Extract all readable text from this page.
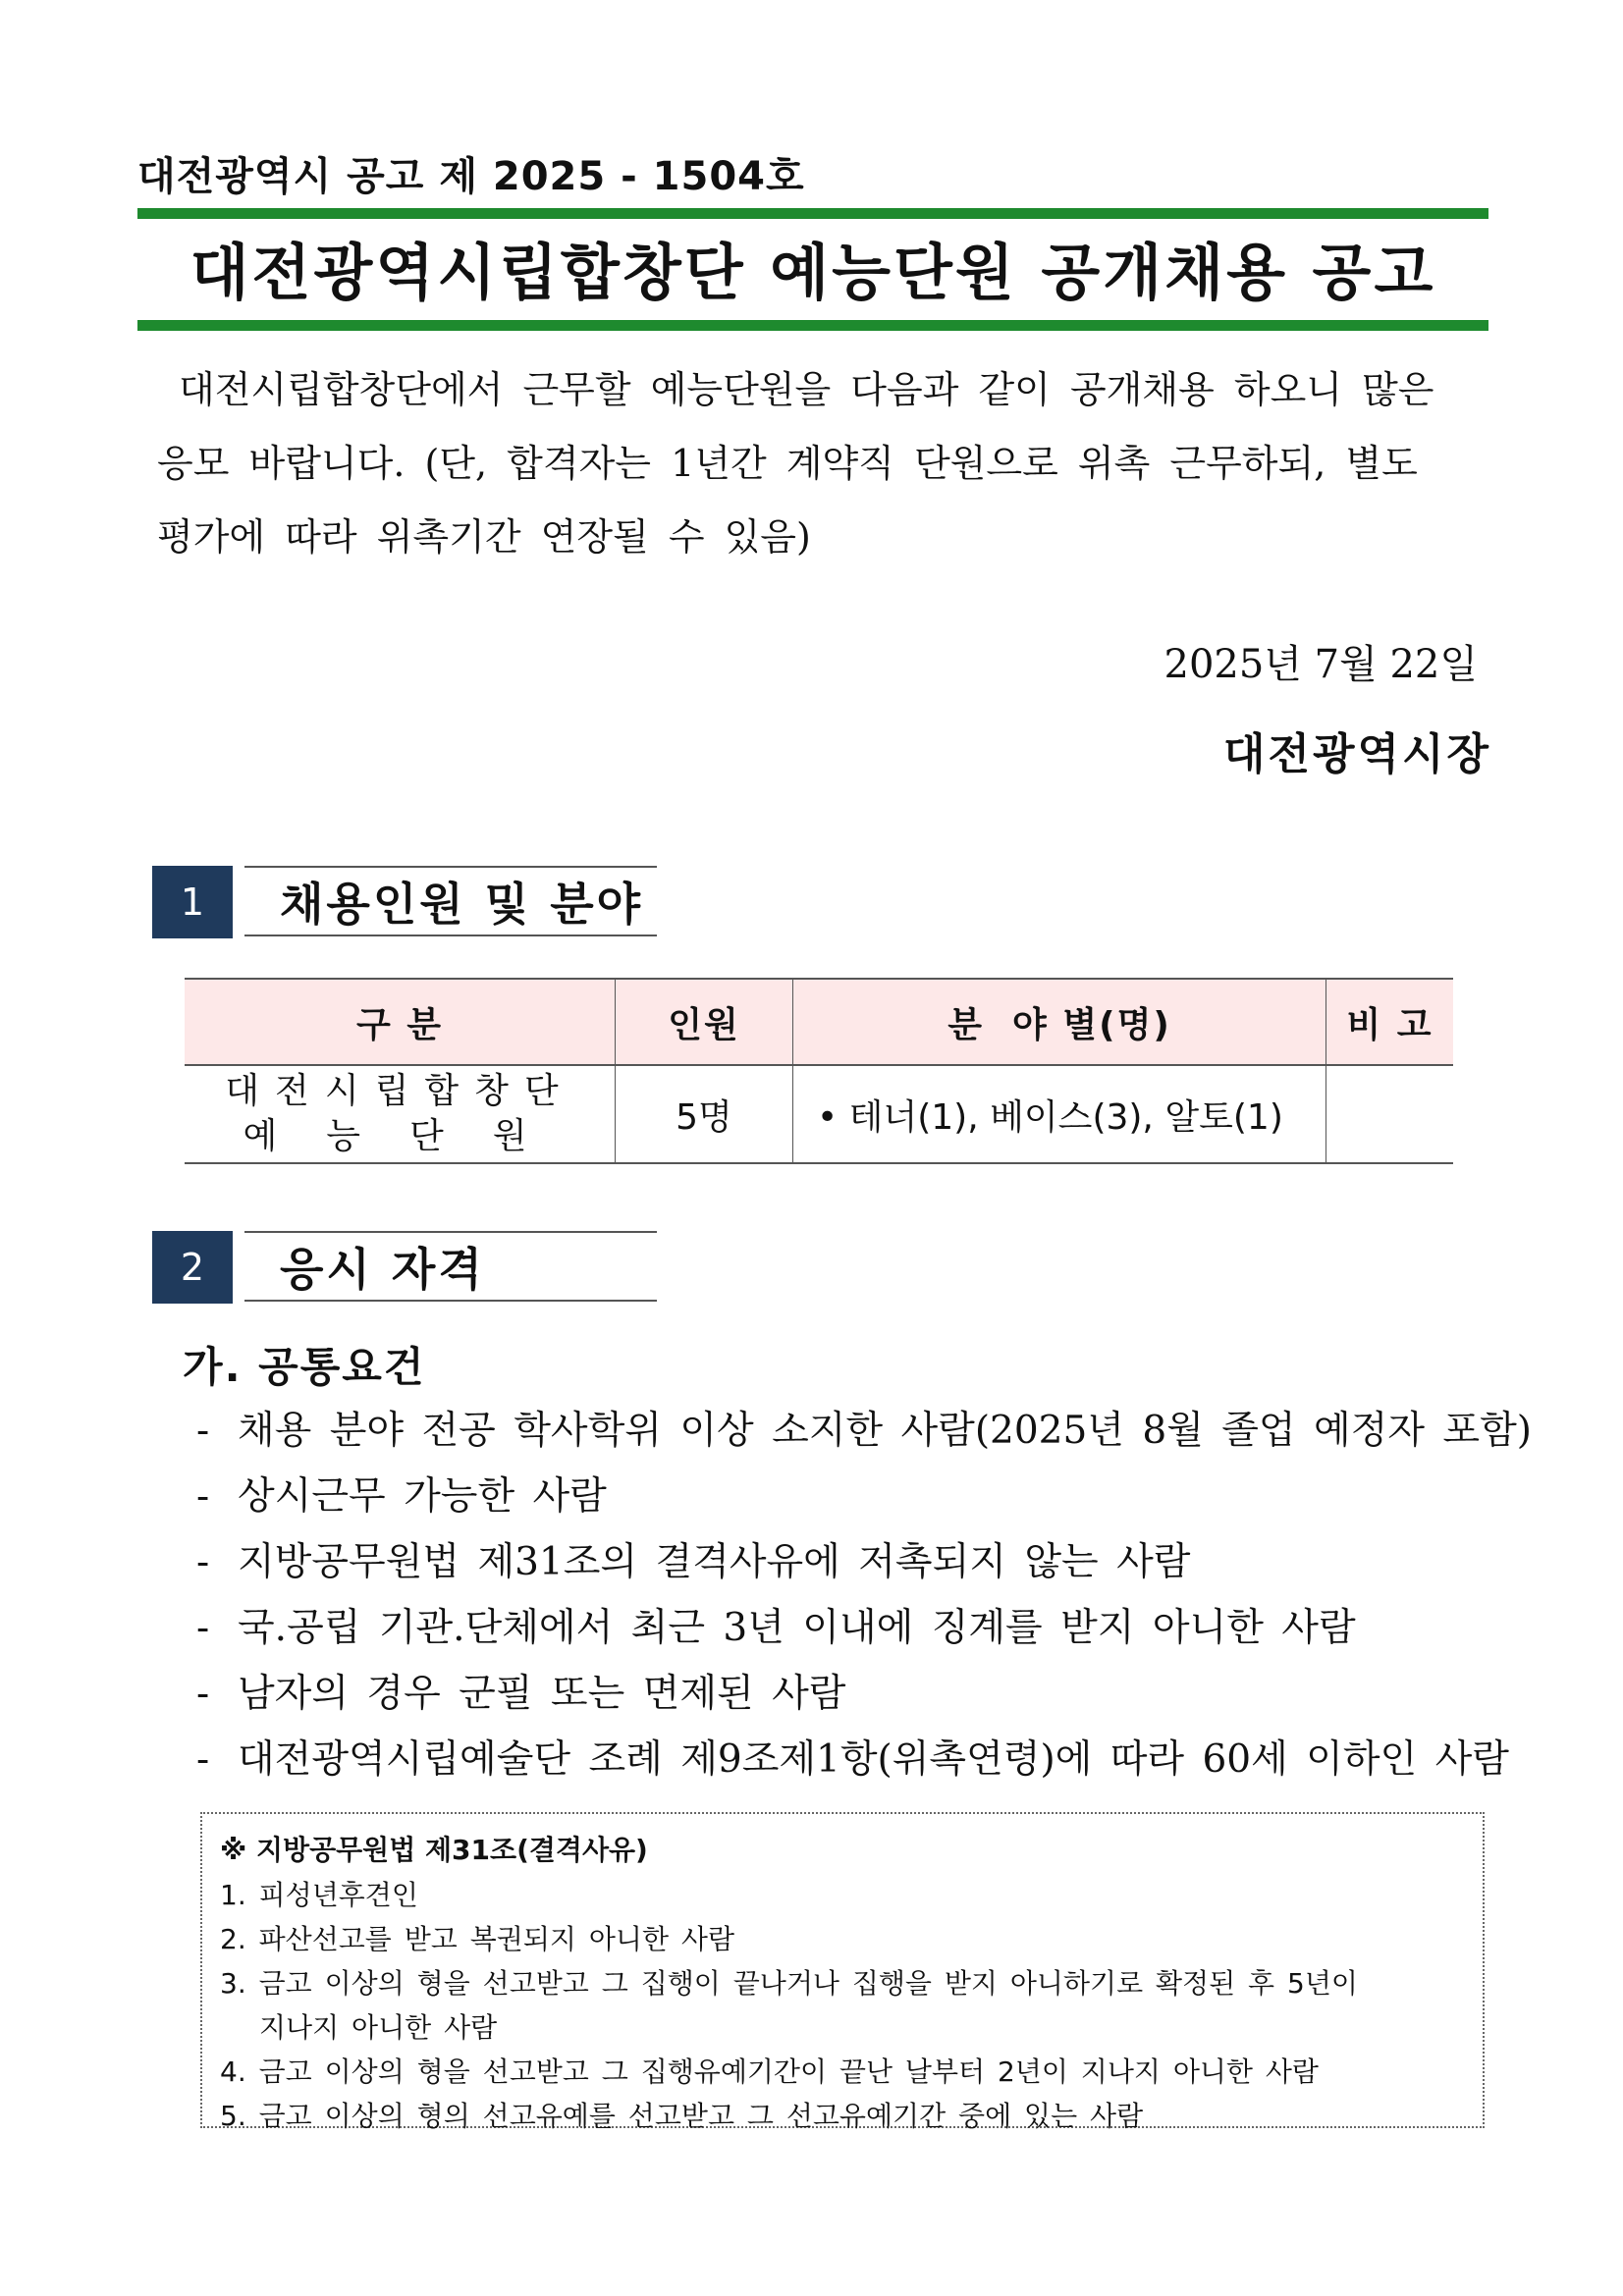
대전광역시 공고 제 2025 - 1504호
대전광역시립합창단 예능단원 공개채용 공고

대전시립합창단에서 근무할 예능단원을 다음과 같이 공개채용 하오니 많은

응모 바랍니다. (단, 합격자는 1년간 계약직 단원으로 위촉 근무하되, 별도

평가에 따라 위촉기간 연장될 수 있음)

2025년 7월 22일
대전광역시장
1	채용인원 및 분야
구 분	인원	분  야 별(명)	비 고

대전시립합창단
예능단원	5명	• 테너(1), 베이스(3), 알토(1)	
2	응시 자격
가. 공통요건
- 채용 분야 전공 학사학위 이상 소지한 사람(2025년 8월 졸업 예정자 포함)
- 상시근무 가능한 사람
- 지방공무원법 제31조의 결격사유에 저촉되지 않는 사람
- 국.공립 기관.단체에서 최근 3년 이내에 징계를 받지 아니한 사람
- 남자의 경우 군필 또는 면제된 사람
- 대전광역시립예술단 조례 제9조제1항(위촉연령)에 따라 60세 이하인 사람
※ 지방공무원법 제31조(결격사유)
1. 피성년후견인
2. 파산선고를 받고 복권되지 아니한 사람
3. 금고 이상의 형을 선고받고 그 집행이 끝나거나 집행을 받지 아니하기로 확정된 후 5년이
지나지 아니한 사람
4. 금고 이상의 형을 선고받고 그 집행유예기간이 끝난 날부터 2년이 지나지 아니한 사람
5. 금고 이상의 형의 선고유예를 선고받고 그 선고유예기간 중에 있는 사람
